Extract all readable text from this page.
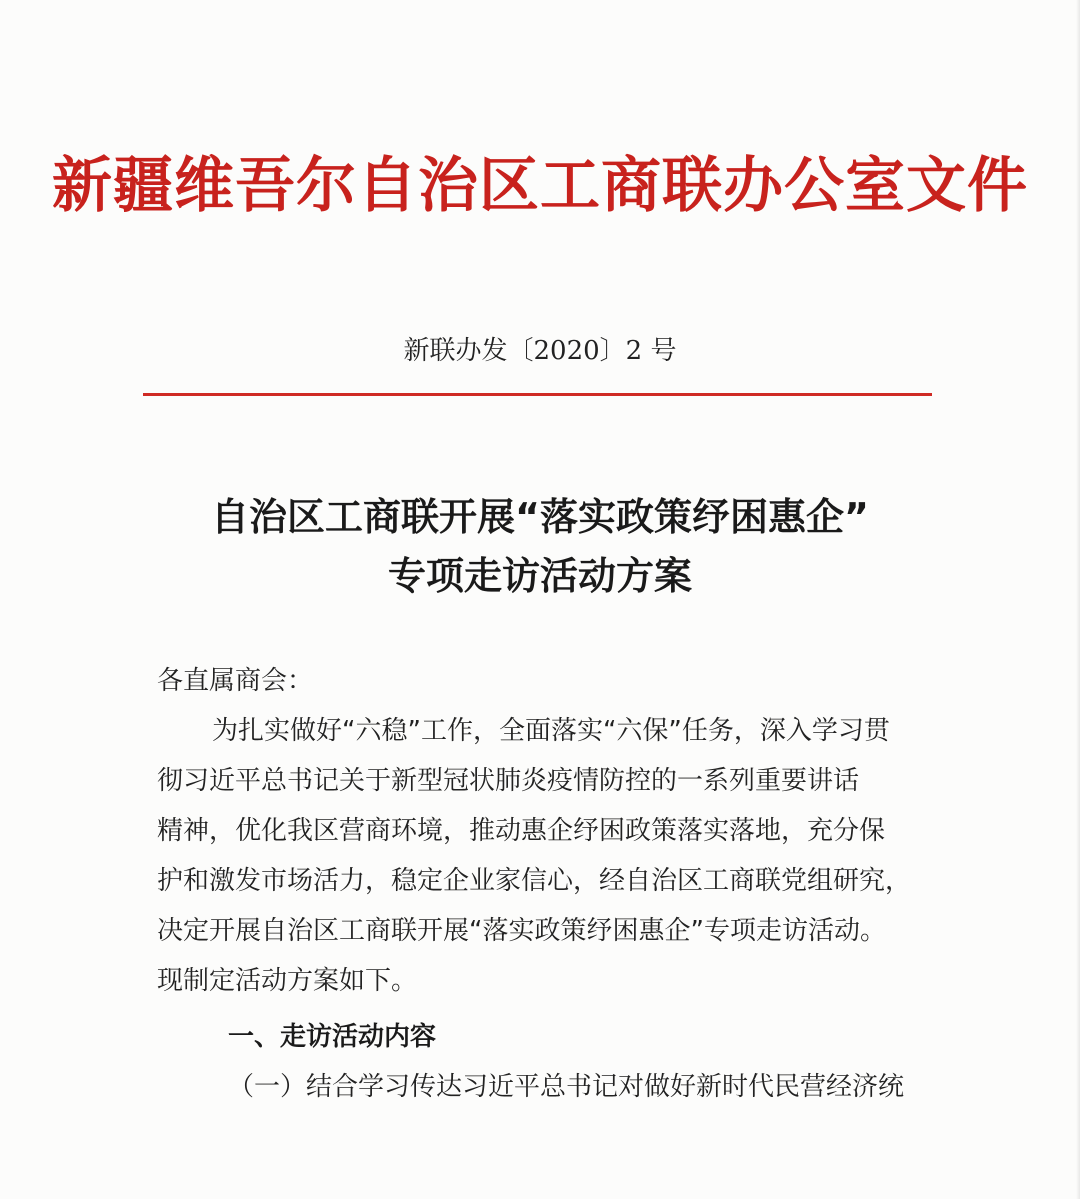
新疆维吾尔自治区工商联办公室文件
新联办发〔2020〕2 号
自治区工商联开展“落实政策纾困惠企”
专项走访活动方案
各直属商会：
为扎实做好“六稳”工作，全面落实“六保”任务，深入学习贯
彻习近平总书记关于新型冠状肺炎疫情防控的一系列重要讲话
精神，优化我区营商环境，推动惠企纾困政策落实落地，充分保
护和激发市场活力，稳定企业家信心，经自治区工商联党组研究，
决定开展自治区工商联开展“落实政策纾困惠企”专项走访活动。
现制定活动方案如下。
一、走访活动内容
（一）结合学习传达习近平总书记对做好新时代民营经济统
